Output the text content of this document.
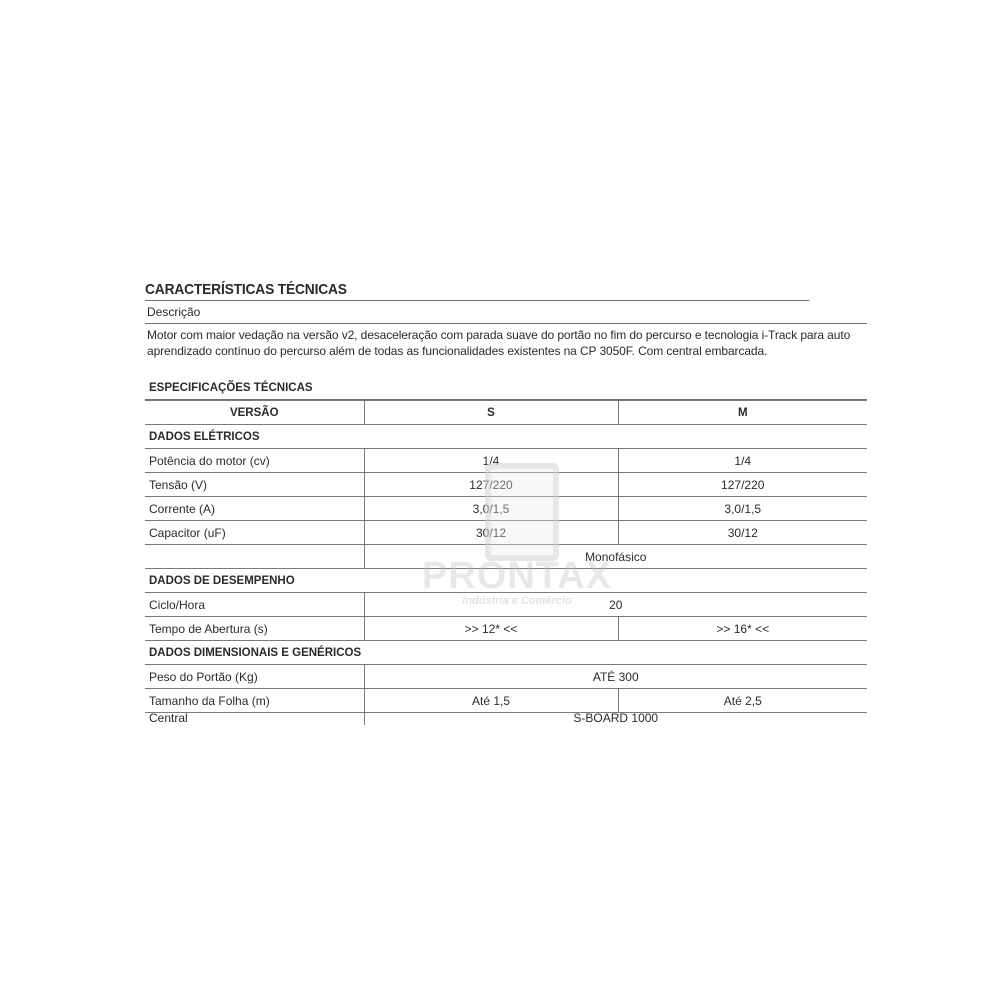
CARACTERÍSTICAS TÉCNICAS
Descrição
Motor com maior vedação na versão v2, desaceleração com parada suave do portão no fim do percurso e tecnologia i-Track para auto aprendizado contínuo do percurso além de todas as funcionalidades existentes na CP 3050F. Com central embarcada.
ESPECIFICAÇÕES TÉCNICAS
VERSÃO	S	M
DADOS ELÉTRICOS		
Potência do motor (cv)	1/4	1/4
Tensão (V)	127/220	127/220
Corrente (A)	3,0/1,5	3,0/1,5
Capacitor (uF)	30/12	30/12
	Monofásico	
DADOS DE DESEMPENHO		
Ciclo/Hora	20	
Tempo de Abertura (s)	>> 12* <<	>> 16* <<
DADOS DIMENSIONAIS E GENÉRICOS		
Peso do Portão (Kg)	ATÉ 300	
Tamanho da Folha (m)	Até 1,5	Até 2,5
Central	S-BOARD 1000	
PRONTAX
Indústria e Comércio
